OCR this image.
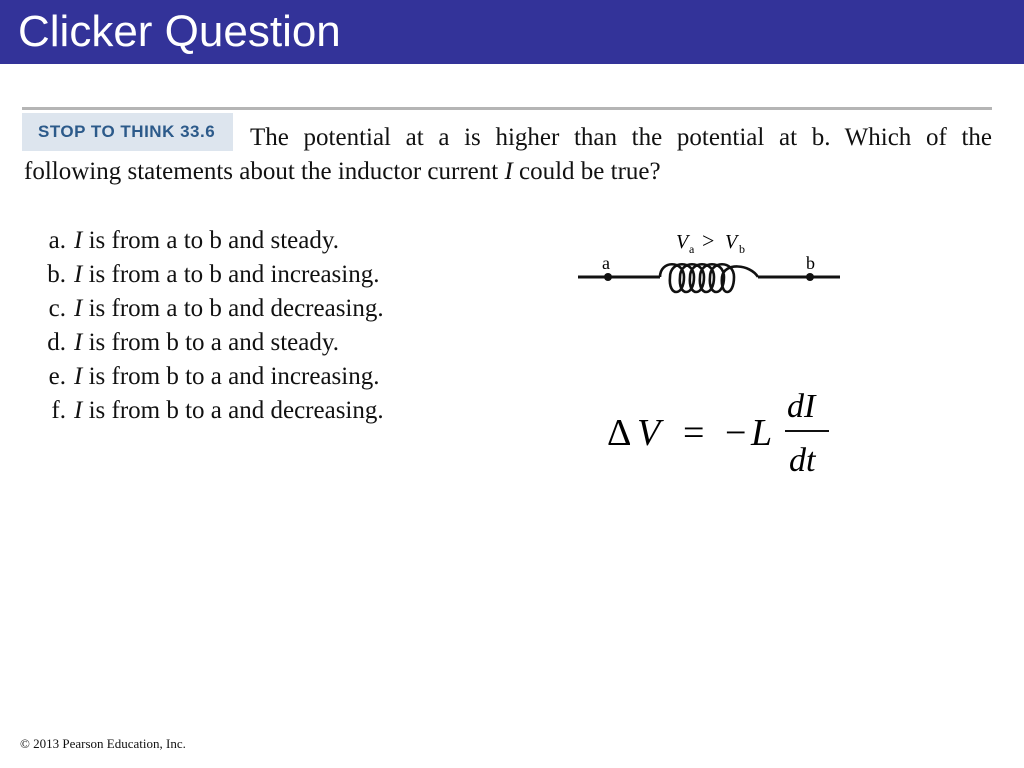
Clicker Question
STOP TO THINK 33.6 The potential at a is higher than the potential at b. Which of the
following statements about the inductor current I could be true?
a. I is from a to b and steady.
b. I is from a to b and increasing.
c. I is from a to b and decreasing.
d. I is from b to a and steady.
e. I is from b to a and increasing.
f. I is from b to a and decreasing.
V a > V b
a	b
Δ V = − L
dI
dt
© 2013 Pearson Education, Inc.
